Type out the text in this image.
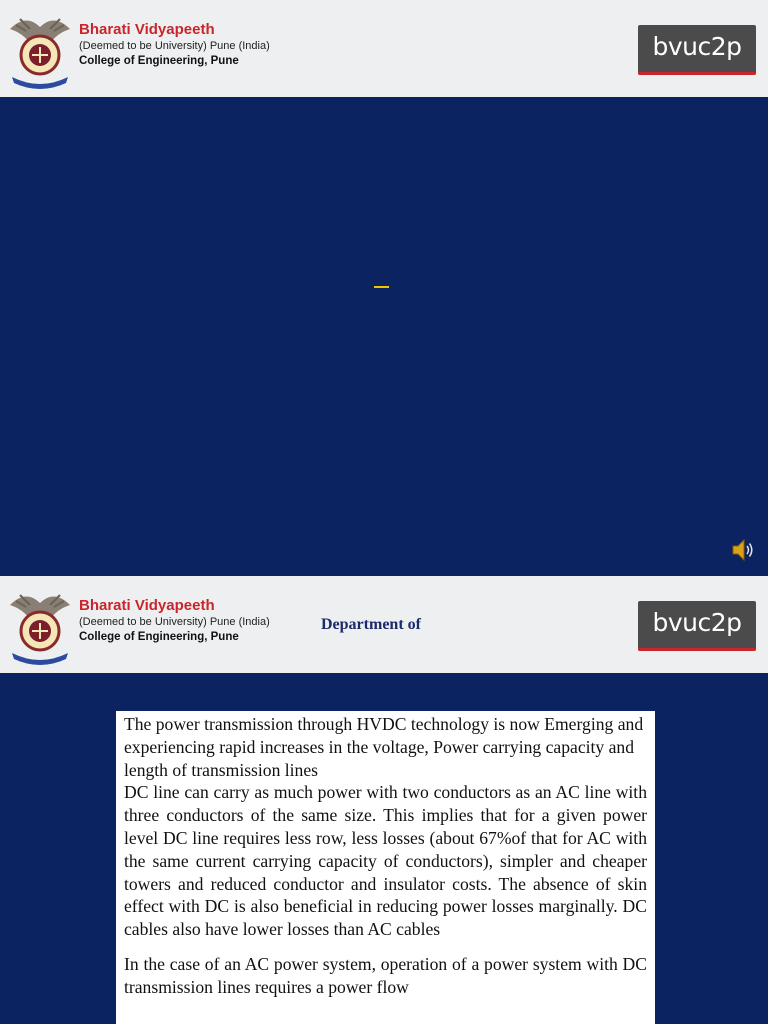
Bharati Vidyapeeth
(Deemed to be University) Pune (India)
College of Engineering, Pune	bvuc2p
Bharati Vidyapeeth
(Deemed to be University) Pune (India)
College of Engineering, Pune
Department of	bvuc2p

The power transmission through HVDC technology is now Emerging and experiencing rapid increases in the voltage, Power carrying capacity and length of transmission lines

DC line can carry as much power with two conductors as an AC line with three conductors of the same size. This implies that for a given power level DC line requires less row, less losses (about 67%of that for AC with the same current carrying capacity of conductors), simpler and cheaper towers and reduced conductor and insulator costs. The absence of skin effect with DC is also beneficial in reducing power losses marginally. DC cables also have lower losses than AC cables

In the case of an AC power system, operation of a power system with DC transmission lines requires a power flow
